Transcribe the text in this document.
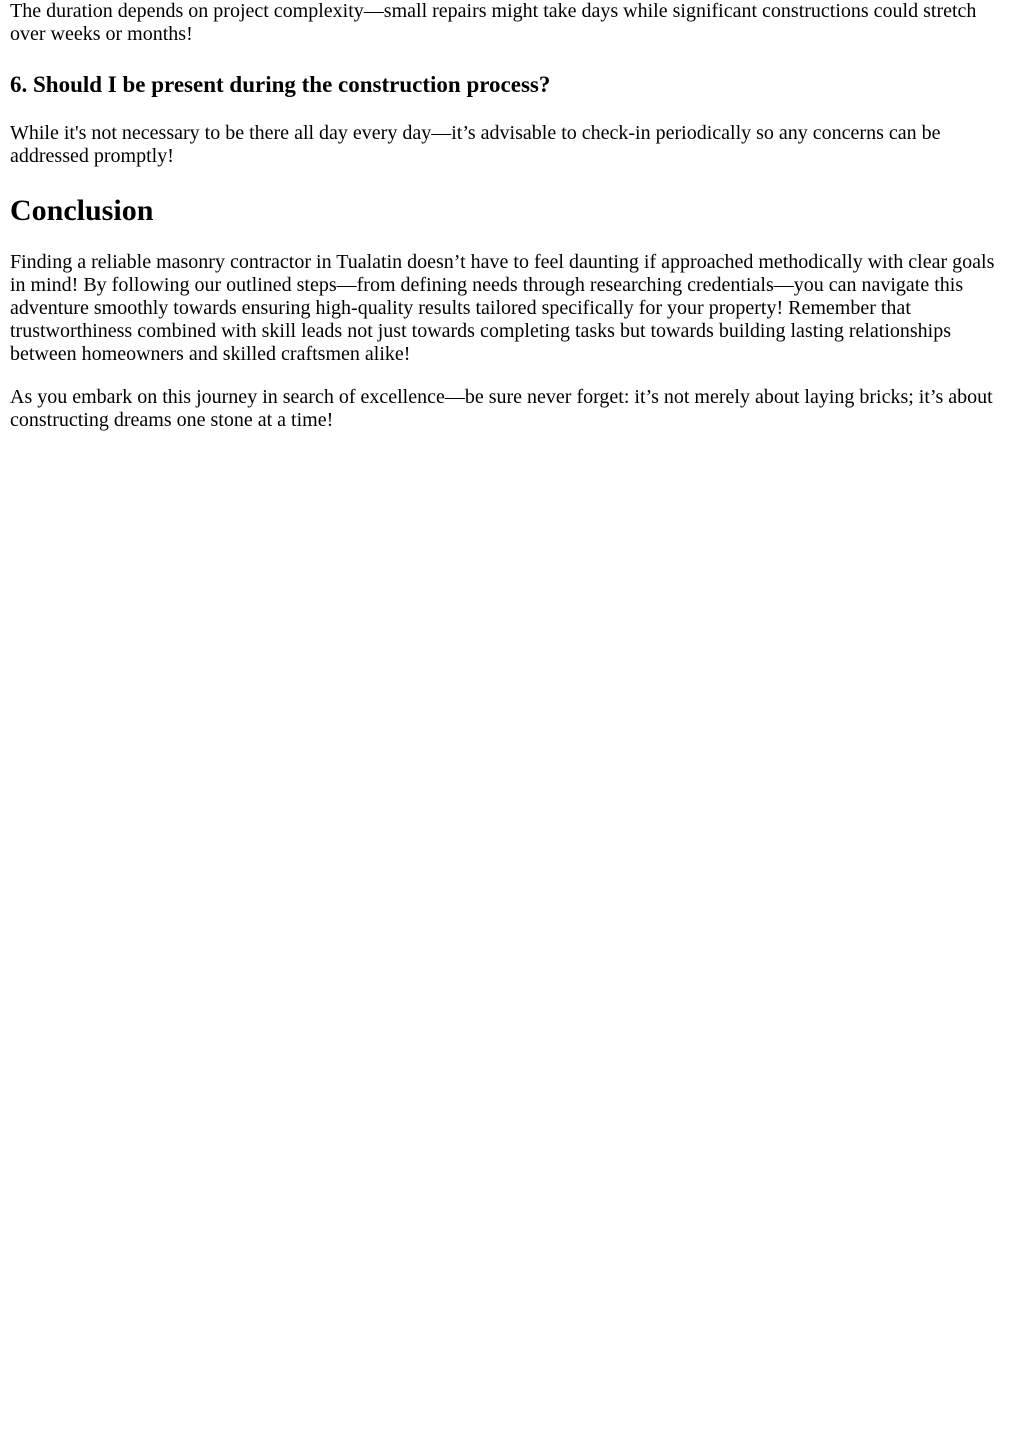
The duration depends on project complexity—small repairs might take days while significant constructions could stretch over weeks or months!

6. Should I be present during the construction process?

While it's not necessary to be there all day every day—it’s advisable to check-in periodically so any concerns can be addressed promptly!

Conclusion

Finding a reliable masonry contractor in Tualatin doesn’t have to feel daunting if approached methodically with clear goals in mind! By following our outlined steps—from defining needs through researching credentials—you can navigate this adventure smoothly towards ensuring high-quality results tailored specifically for your property! Remember that trustworthiness combined with skill leads not just towards completing tasks but towards building lasting relationships between homeowners and skilled craftsmen alike!

As you embark on this journey in search of excellence—be sure never forget: it’s not merely about laying bricks; it’s about constructing dreams one stone at a time!
